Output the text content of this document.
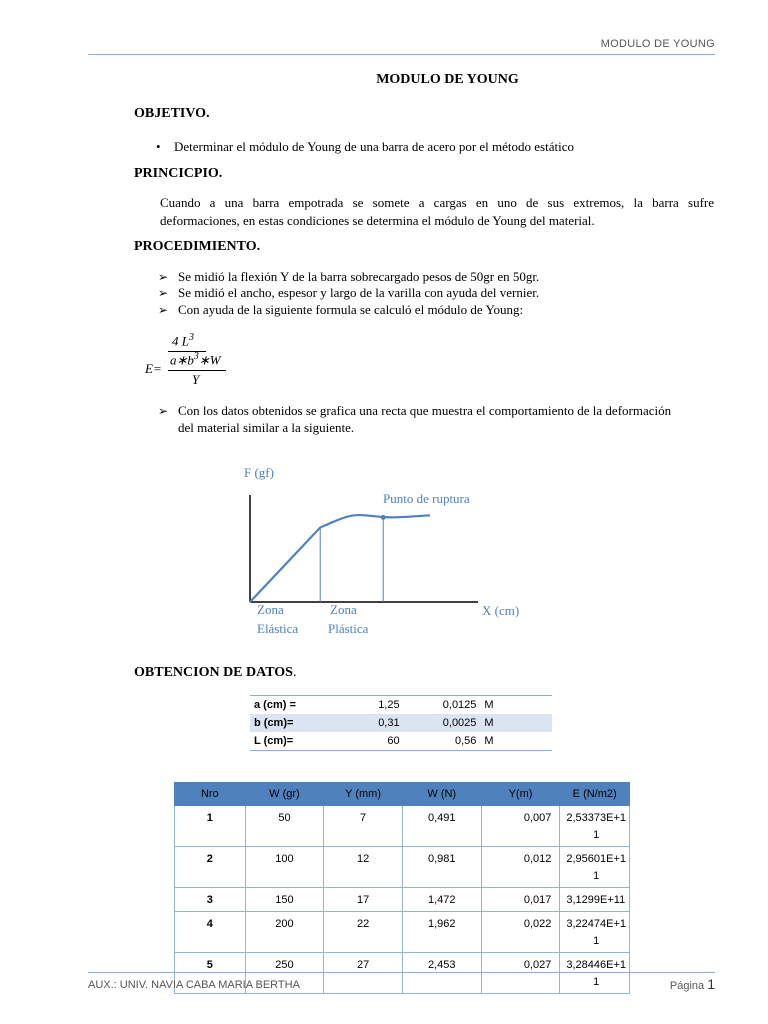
MODULO DE YOUNG
MODULO DE YOUNG
OBJETIVO.
• Determinar el módulo de Young de una barra de acero por el método estático
PRINCICPIO.
Cuando a una barra empotrada se somete a cargas en uno de sus extremos, la barra sufre
deformaciones, en estas condiciones se determina el módulo de Young del material.
PROCEDIMIENTO.
➢ Se midió la flexión Y de la barra sobrecargado pesos de 50gr en 50gr.
➢ Se midió el ancho, espesor y largo de la varilla con ayuda del vernier.
➢ Con ayuda de la siguiente formula se calculó el módulo de Young:
E=
4 $L^3$
$a∗b^3∗W$
Y
➢ Con los datos obtenidos se grafica una recta que muestra el comportamiento de la deformación
del material similar a la siguiente.
F (gf)
Punto de ruptura
Zona
Elástica
Zona
Plástica
X (cm)
OBTENCION DE DATOS.
a (cm) =	1,25	0,0125	M
b (cm)=	0,31	0,0025	M
L (cm)=	60	0,56	M
Nro	W (gr)	Y (mm)	W (N)	Y(m)	E (N/m2)
1	50	7	0,491	0,007	2,53373E+1
1

2	100	12	0,981	0,012	2,95601E+1
1

3	150	17	1,472	0,017	3,1299E+11

4	200	22	1,962	0,022	3,22474E+1
1

5	250	27	2,453	0,027	3,28446E+1
1
AUX.: UNIV. NAVIA CABA MARIA BERTHA	Página 1
